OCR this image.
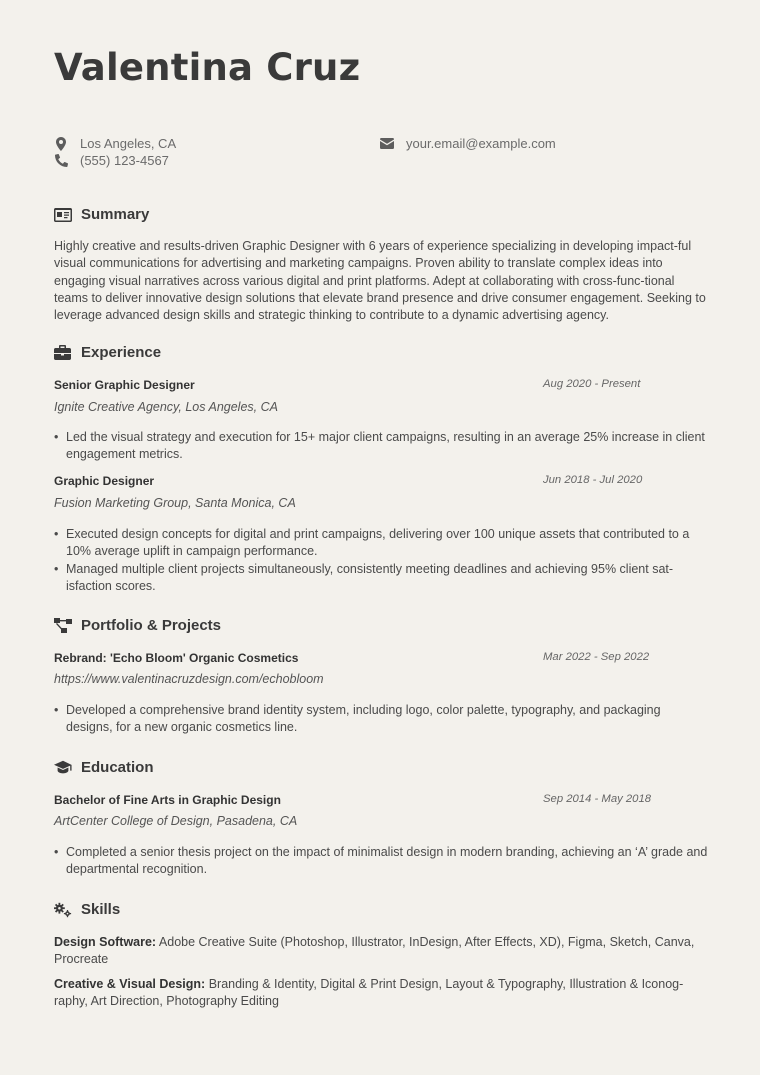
Valentina Cruz
Los Angeles, CA
(555) 123-4567
your.email@example.com
Summary
Highly creative and results-driven Graphic Designer with 6 years of experience specializing in developing impact-ful visual communications for advertising and marketing campaigns. Proven ability to translate complex ideas into engaging visual narratives across various digital and print platforms. Adept at collaborating with cross-func-tional teams to deliver innovative design solutions that elevate brand presence and drive consumer engagement. Seeking to leverage advanced design skills and strategic thinking to contribute to a dynamic advertising agency.
Experience
Senior Graphic Designer	Aug 2020 - Present
Ignite Creative Agency, Los Angeles, CA
• Led the visual strategy and execution for 15+ major client campaigns, resulting in an average 25% increase in client engagement metrics.
Graphic Designer	Jun 2018 - Jul 2020
Fusion Marketing Group, Santa Monica, CA
• Executed design concepts for digital and print campaigns, delivering over 100 unique assets that contributed to a 10% average uplift in campaign performance.
• Managed multiple client projects simultaneously, consistently meeting deadlines and achieving 95% client sat-isfaction scores.
Portfolio & Projects
Rebrand: 'Echo Bloom' Organic Cosmetics	Mar 2022 - Sep 2022
https://www.valentinacruzdesign.com/echobloom
• Developed a comprehensive brand identity system, including logo, color palette, typography, and packaging designs, for a new organic cosmetics line.
Education
Bachelor of Fine Arts in Graphic Design	Sep 2014 - May 2018
ArtCenter College of Design, Pasadena, CA
• Completed a senior thesis project on the impact of minimalist design in modern branding, achieving an ‘A’ grade and departmental recognition.
Skills
Design Software: Adobe Creative Suite (Photoshop, Illustrator, InDesign, After Effects, XD), Figma, Sketch, Canva, Procreate
Creative & Visual Design: Branding & Identity, Digital & Print Design, Layout & Typography, Illustration & Iconog-raphy, Art Direction, Photography Editing
